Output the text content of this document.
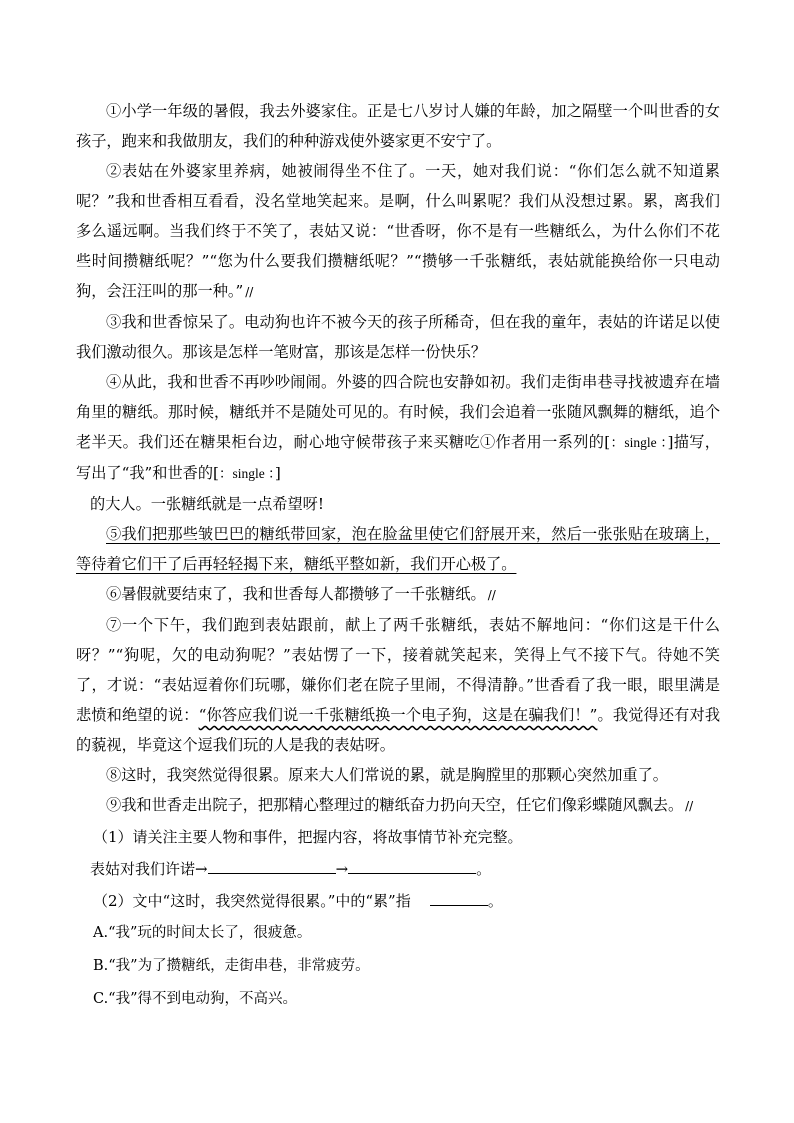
①小学一年级的暑假，我去外婆家住。正是七八岁讨人嫌的年龄，加之隔壁一个叫世香的女孩子，跑来和我做朋友，我们的种种游戏使外婆家更不安宁了。

②表姑在外婆家里养病，她被闹得坐不住了。一天，她对我们说：“你们怎么就不知道累呢？”我和世香相互看看，没名堂地笑起来。是啊，什么叫累呢？我们从没想过累。累，离我们多么遥远啊。当我们终于不笑了，表姑又说：“世香呀，你不是有一些糖纸么，为什么你们不花些时间攒糖纸呢？”“您为什么要我们攒糖纸呢？”“攒够一千张糖纸，表姑就能换给你一只电动狗，会汪汪叫的那一种。” //

③我和世香惊呆了。电动狗也许不被今天的孩子所稀奇，但在我的童年，表姑的许诺足以使我们激动很久。那该是怎样一笔财富，那该是怎样一份快乐？

④从此，我和世香不再吵吵闹闹。外婆的四合院也安静如初。我们走街串巷寻找被遗弃在墙角里的糖纸。那时候，糖纸并不是随处可见的。有时候，我们会追着一张随风飘舞的糖纸，追个老半天。我们还在糖果柜台边，耐心地守候带孩子来买糖吃①作者用一系列的[：single ：]描写，写出了“我”和世香的[：single ：]

的大人。一张糖纸就是一点希望呀!

⑤我们把那些皱巴巴的糖纸带回家，泡在脸盆里使它们舒展开来，然后一张张贴在玻璃上，等待着它们干了后再轻轻揭下来，糖纸平整如新，我们开心极了。

⑥暑假就要结束了，我和世香每人都攒够了一千张糖纸。 //

⑦一个下午，我们跑到表姑跟前，献上了两千张糖纸，表姑不解地问：“你们这是干什么呀？”“狗呢，欠的电动狗呢？”表姑愣了一下，接着就笑起来，笑得上气不接下气。待她不笑了，才说：“表姑逗着你们玩哪，嫌你们老在院子里闹，不得清静。”世香看了我一眼，眼里满是悲愤和绝望的说：“你答应我们说一千张糖纸换一个电子狗，这是在骗我们！”。我觉得还有对我的藐视，毕竟这个逗我们玩的人是我的表姑呀。

⑧这时，我突然觉得很累。原来大人们常说的累，就是胸膛里的那颗心突然加重了。

⑨我和世香走出院子，把那精心整理过的糖纸奋力扔向天空，任它们像彩蝶随风飘去。 //

（1）请关注主要人物和事件，把握内容，将故事情节补充完整。

表姑对我们许诺→	→	。

（2）文中“这时，我突然觉得很累。”中的“累”指	。

A.“我”玩的时间太长了，很疲惫。

B.“我”为了攒糖纸，走街串巷，非常疲劳。

C.“我”得不到电动狗，不高兴。
